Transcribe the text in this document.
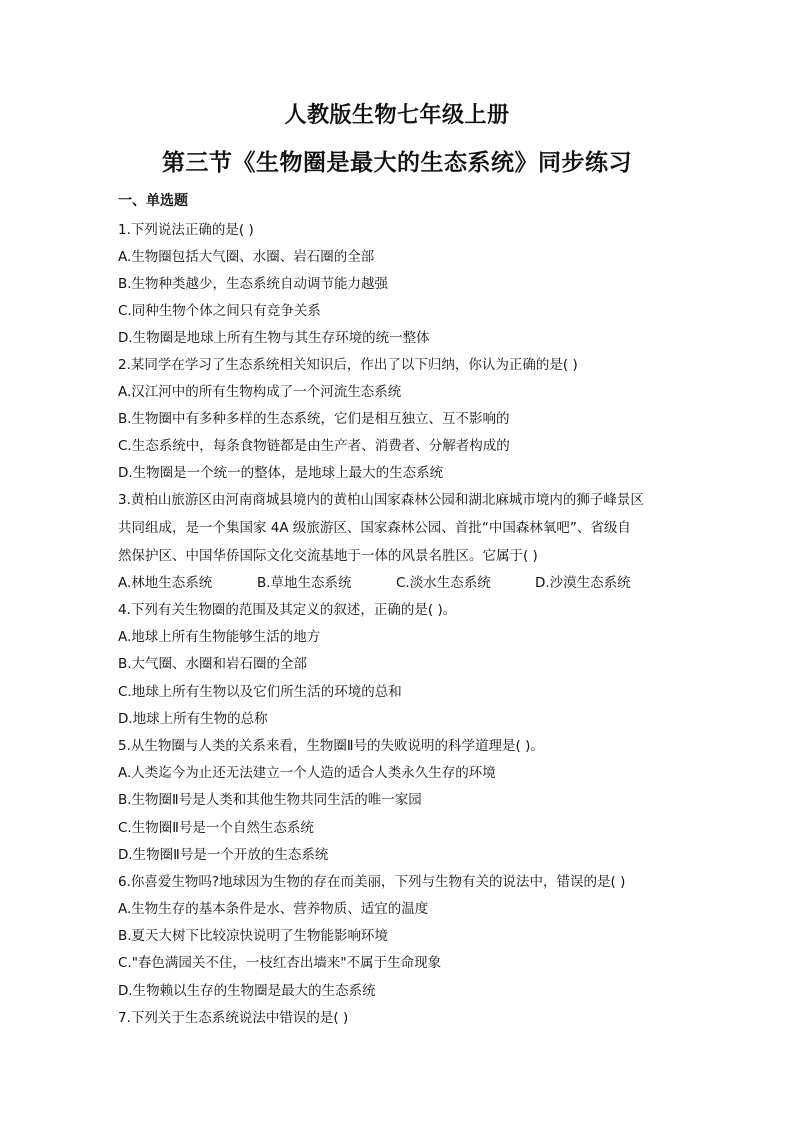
人教版生物七年级上册
第三节《生物圈是最大的生态系统》同步练习
一、单选题
1.下列说法正确的是( )
A.生物圈包括大气圈、水圈、岩石圈的全部
B.生物种类越少，生态系统自动调节能力越强
C.同种生物个体之间只有竞争关系
D.生物圈是地球上所有生物与其生存环境的统一整体
2.某同学在学习了生态系统相关知识后，作出了以下归纳，你认为正确的是( )
A.汉江河中的所有生物构成了一个河流生态系统
B.生物圈中有多种多样的生态系统，它们是相互独立、互不影响的
C.生态系统中，每条食物链都是由生产者、消费者、分解者构成的
D.生物圈是一个统一的整体，是地球上最大的生态系统
3.黄柏山旅游区由河南商城县境内的黄柏山国家森林公园和湖北麻城市境内的狮子峰景区
共同组成，是一个集国家 4A 级旅游区、国家森林公园、首批“中国森林氧吧”、省级自
然保护区、中国华侨国际文化交流基地于一体的风景名胜区。它属于( )
A.林地生态系统	B.草地生态系统	C.淡水生态系统	D.沙漠生态系统
4.下列有关生物圈的范围及其定义的叙述，正确的是( )。
A.地球上所有生物能够生活的地方
B.大气圈、水圈和岩石圈的全部
C.地球上所有生物以及它们所生活的环境的总和
D.地球上所有生物的总称
5.从生物圈与人类的关系来看，生物圈Ⅱ号的失败说明的科学道理是( )。
A.人类迄今为止还无法建立一个人造的适合人类永久生存的环境
B.生物圈Ⅱ号是人类和其他生物共同生活的唯一家园
C.生物圈Ⅱ号是一个自然生态系统
D.生物圈Ⅱ号是一个开放的生态系统
6.你喜爱生物吗?地球因为生物的存在而美丽，下列与生物有关的说法中，错误的是( )
A.生物生存的基本条件是水、营养物质、适宜的温度
B.夏天大树下比较凉快说明了生物能影响环境
C."春色满园关不住，一枝红杏出墙来"不属于生命现象
D.生物赖以生存的生物圈是最大的生态系统
7.下列关于生态系统说法中错误的是( )
